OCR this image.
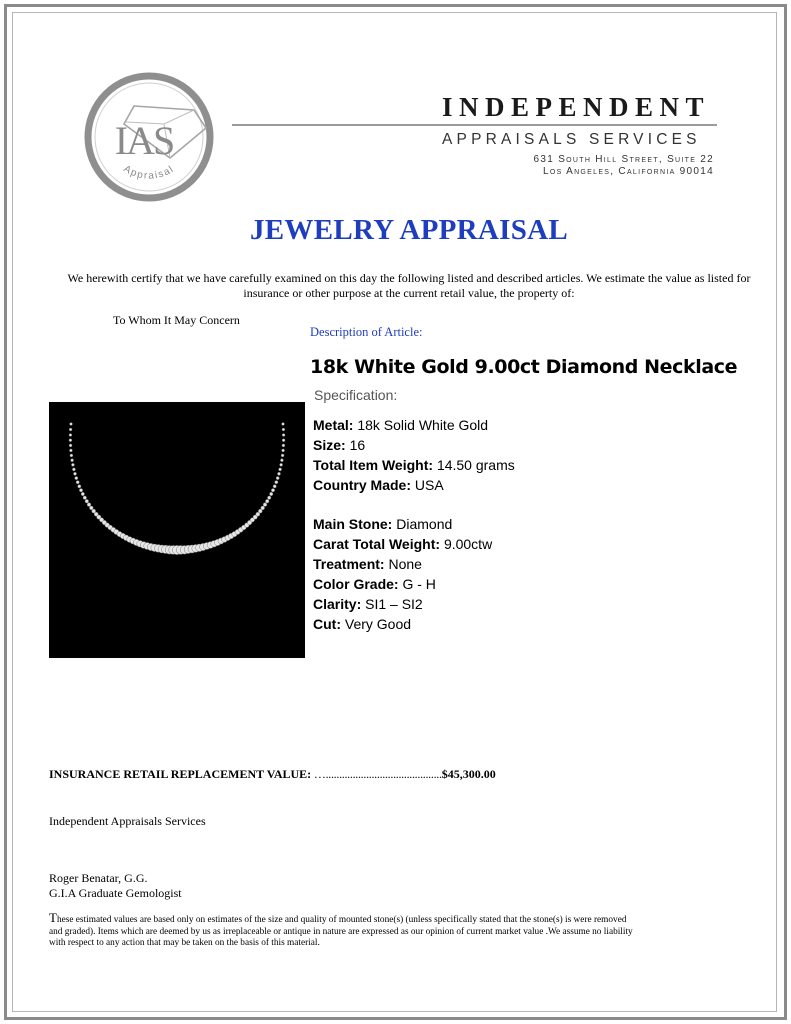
IAS
Appraisal
INDEPENDENT
APPRAISALS SERVICES
631 South Hill Street, Suite 22
Los Angeles, California 90014
JEWELRY APPRAISAL
We herewith certify that we have carefully examined on this day the following listed and described articles. We estimate the value as listed for insurance or other purpose at the current retail value, the property of:
To Whom It May Concern
Description of Article:
18k White Gold 9.00ct Diamond Necklace
Specification:
Metal: 18k Solid White Gold
Size: 16
Total Item Weight: 14.50 grams
Country Made: USA
Main Stone: Diamond
Carat Total Weight: 9.00ctw
Treatment: None
Color Grade: G - H
Clarity: SI1 – SI2
Cut: Very Good
INSURANCE RETAIL REPLACEMENT VALUE: …...........................................$45,300.00
Independent Appraisals Services
Roger Benatar, G.G.
G.I.A Graduate Gemologist
These estimated values are based only on estimates of the size and quality of mounted stone(s) (unless specifically stated that the stone(s) is were removed and graded). Items which are deemed by us as irreplaceable or antique in nature are expressed as our opinion of current market value .We assume no liability with respect to any action that may be taken on the basis of this material.
